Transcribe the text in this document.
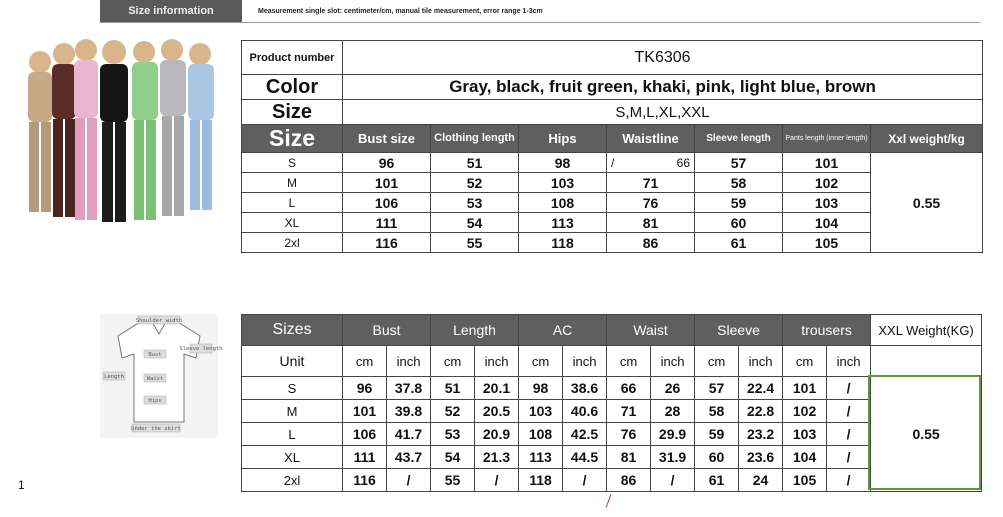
Size information	Measurement single slot: centimeter/cm, manual tile measurement, error range 1-3cm
Product number	TK6306						
Color	Gray, black, fruit green, khaki, pink, light blue, brown						
Size	S,M,L,XL,XXL						
Size	Bust size	Clothing length	Hips	Waistline	Sleeve length	Pants length (inner length)	Xxl weight/kg
S	96	51	98	/ 66	57	101	0.55
M	101	52	103	71	58	102	
L	106	53	108	76	59	103	
XL	111	54	113	81	60	104	
2xl	116	55	118	86	61	105	
Shoulder width
Bust
Sleeve length
Length	Waist
Hips
Under the skirt
Sizes	Bust		Length		AC		Waist		Sleeve		trousers		XXL Weight(KG)
Unit	cm	inch	cm	inch	cm	inch	cm	inch	cm	inch	cm	inch	
S	96	37.8	51	20.1	98	38.6	66	26	57	22.4	101	/	0.55
M	101	39.8	52	20.5	103	40.6	71	28	58	22.8	102	/	
L	106	41.7	53	20.9	108	42.5	76	29.9	59	23.2	103	/	
XL	111	43.7	54	21.3	113	44.5	81	31.9	60	23.6	104	/	
2xl	116	/	55	/	118	/	86	/	61	24	105	/	
1
